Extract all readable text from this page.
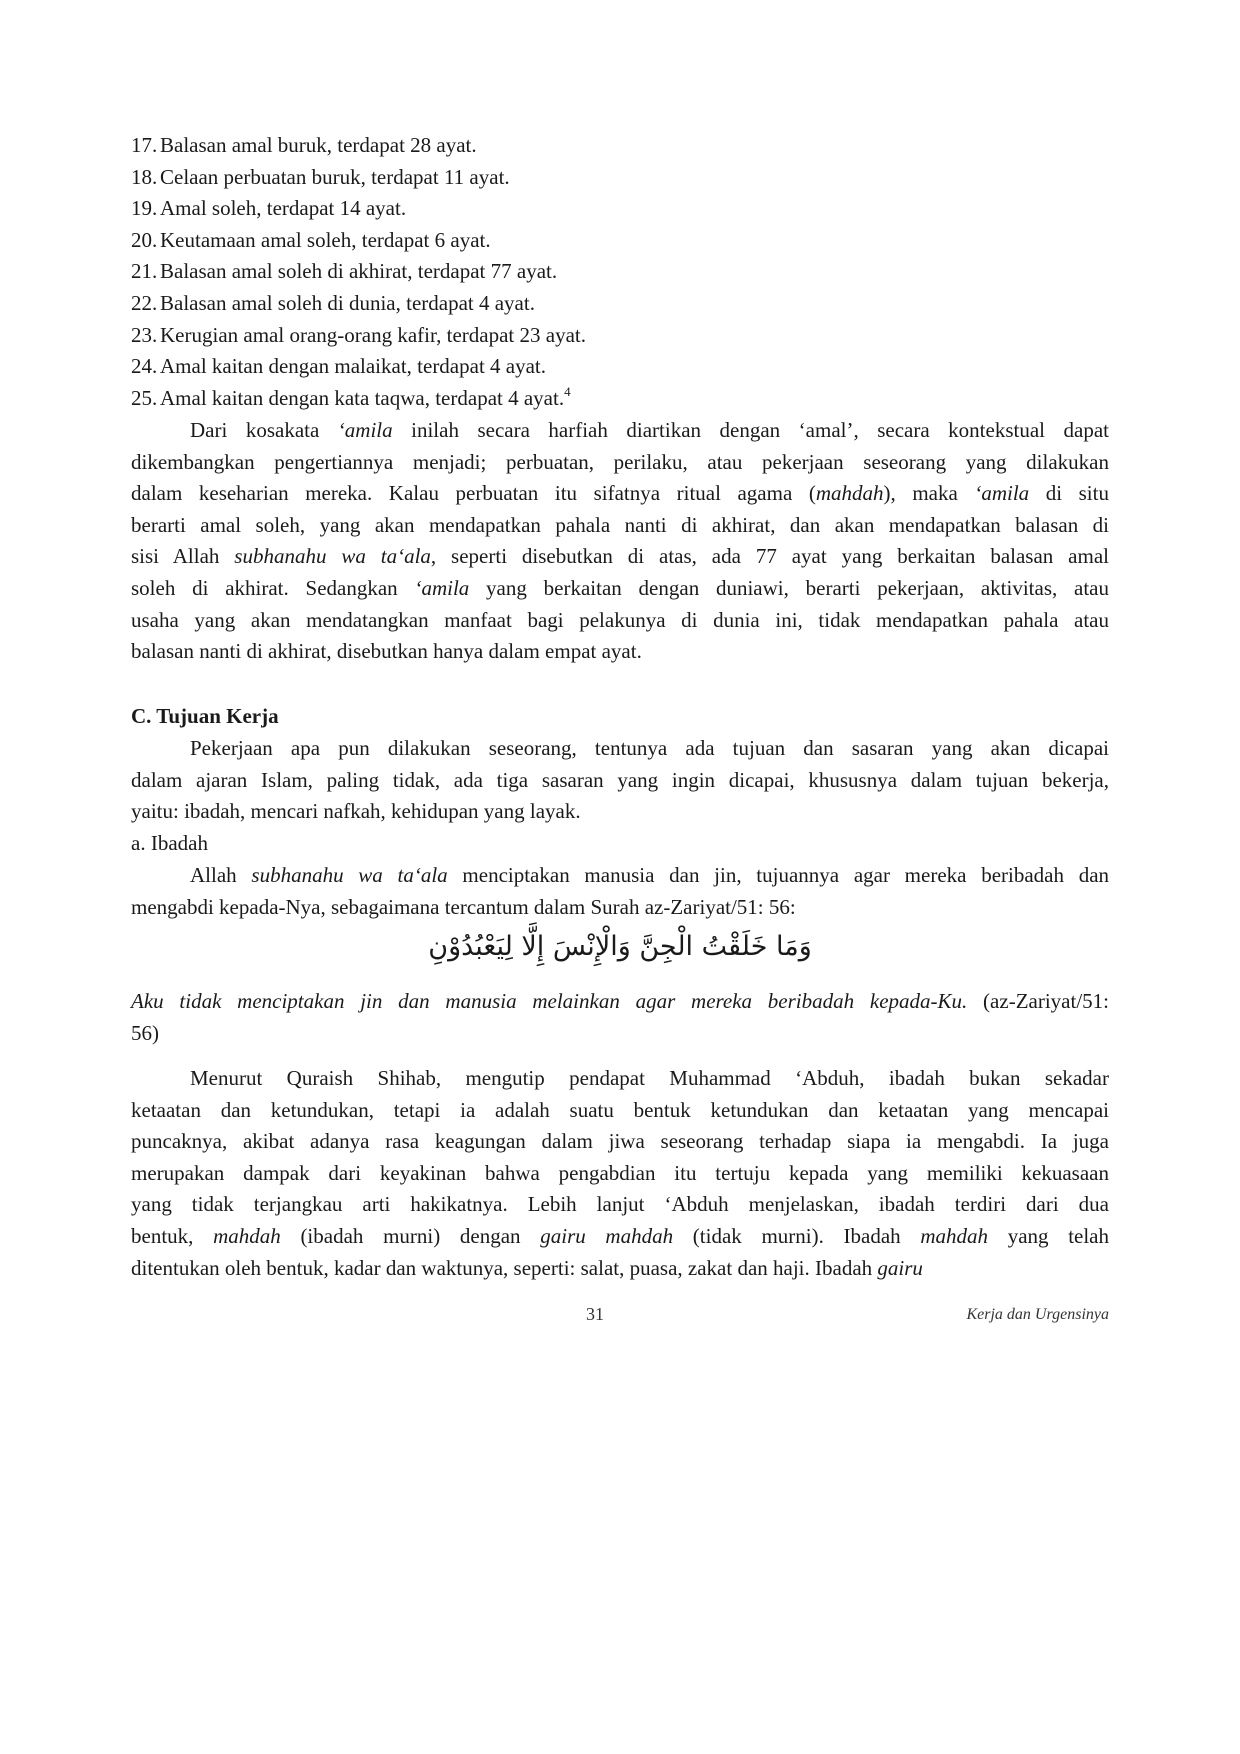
17. Balasan amal buruk, terdapat 28 ayat.
18. Celaan perbuatan buruk, terdapat 11 ayat.
19. Amal soleh, terdapat 14 ayat.
20. Keutamaan amal soleh, terdapat 6 ayat.
21. Balasan amal soleh di akhirat, terdapat 77 ayat.
22. Balasan amal soleh di dunia, terdapat 4 ayat.
23. Kerugian amal orang-orang kafir, terdapat 23 ayat.
24. Amal kaitan dengan malaikat, terdapat 4 ayat.
25. Amal kaitan dengan kata taqwa, terdapat 4 ayat.$^4$
Dari kosakata ‘amila inilah secara harfiah diartikan dengan ‘amal’, secara kontekstual dapat
dikembangkan pengertiannya menjadi; perbuatan, perilaku, atau pekerjaan seseorang yang dilakukan
dalam keseharian mereka. Kalau perbuatan itu sifatnya ritual agama (mahdah), maka ‘amila di situ
berarti amal soleh, yang akan mendapatkan pahala nanti di akhirat, dan akan mendapatkan balasan di
sisi Allah subhanahu wa ta‘ala, seperti disebutkan di atas, ada 77 ayat yang berkaitan balasan amal
soleh di akhirat. Sedangkan ‘amila yang berkaitan dengan duniawi, berarti pekerjaan, aktivitas, atau
usaha yang akan mendatangkan manfaat bagi pelakunya di dunia ini, tidak mendapatkan pahala atau
balasan nanti di akhirat, disebutkan hanya dalam empat ayat.
C. Tujuan Kerja
Pekerjaan apa pun dilakukan seseorang, tentunya ada tujuan dan sasaran yang akan dicapai
dalam ajaran Islam, paling tidak, ada tiga sasaran yang ingin dicapai, khususnya dalam tujuan bekerja,
yaitu: ibadah, mencari nafkah, kehidupan yang layak.
a. Ibadah
Allah subhanahu wa ta‘ala menciptakan manusia dan jin, tujuannya agar mereka beribadah dan
mengabdi kepada-Nya, sebagaimana tercantum dalam Surah az-Zariyat/51: 56:
وَمَا خَلَقْتُ الْجِنَّ وَالْإِنْسَ إِلَّا لِيَعْبُدُوْنِ
Aku tidak menciptakan jin dan manusia melainkan agar mereka beribadah kepada-Ku. (az-Zariyat/51:
56)
Menurut Quraish Shihab, mengutip pendapat Muhammad ‘Abduh, ibadah bukan sekadar
ketaatan dan ketundukan, tetapi ia adalah suatu bentuk ketundukan dan ketaatan yang mencapai
puncaknya, akibat adanya rasa keagungan dalam jiwa seseorang terhadap siapa ia mengabdi. Ia juga
merupakan dampak dari keyakinan bahwa pengabdian itu tertuju kepada yang memiliki kekuasaan
yang tidak terjangkau arti hakikatnya. Lebih lanjut ‘Abduh menjelaskan, ibadah terdiri dari dua
bentuk, mahdah (ibadah murni) dengan gairu mahdah (tidak murni). Ibadah mahdah yang telah
ditentukan oleh bentuk, kadar dan waktunya, seperti: salat, puasa, zakat dan haji. Ibadah gairu
31	Kerja dan Urgensinya
